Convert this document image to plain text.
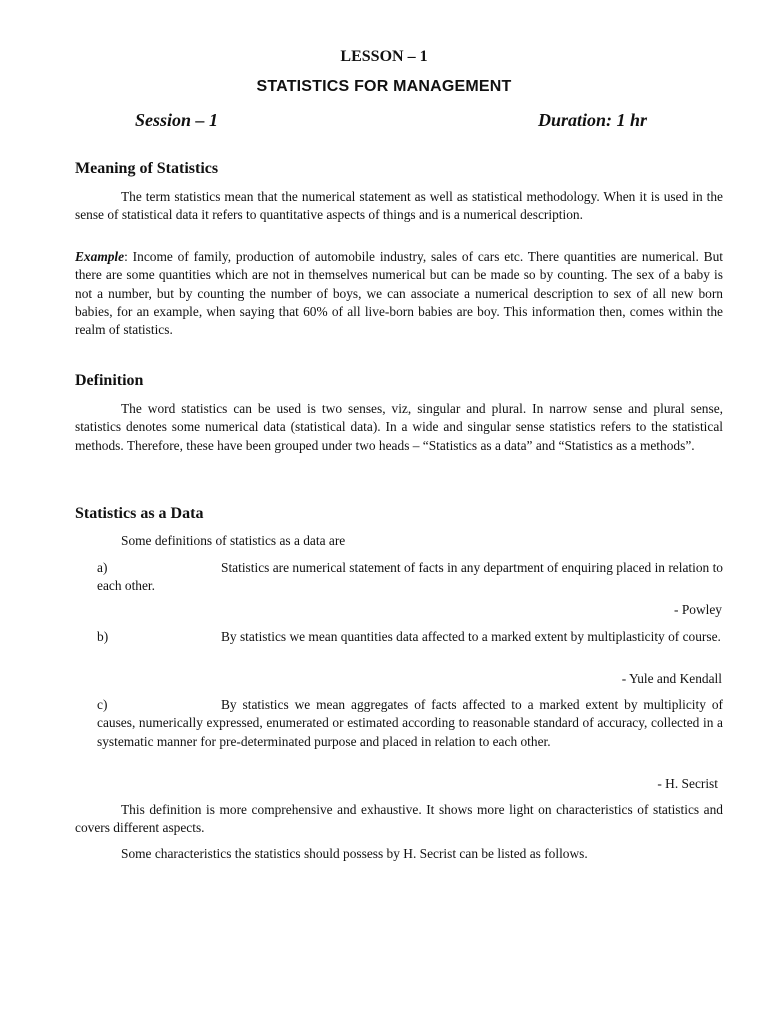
LESSON – 1
STATISTICS FOR MANAGEMENT
Session – 1	Duration: 1 hr
Meaning of Statistics

The term statistics mean that the numerical statement as well as statistical methodology. When it is used in the sense of statistical data it refers to quantitative aspects of things and is a numerical description.

Example: Income of family, production of automobile industry, sales of cars etc. There quantities are numerical. But there are some quantities which are not in themselves numerical but can be made so by counting. The sex of a baby is not a number, but by counting the number of boys, we can associate a numerical description to sex of all new born babies, for an example, when saying that 60% of all live-born babies are boy. This information then, comes within the realm of statistics.

Definition

The word statistics can be used is two senses, viz, singular and plural. In narrow sense and plural sense, statistics denotes some numerical data (statistical data). In a wide and singular sense statistics refers to the statistical methods. Therefore, these have been grouped under two heads – “Statistics as a data” and “Statistics as a methods”.

Statistics as a Data
Some definitions of statistics as a data are

a)	Statistics are numerical statement of facts in any department of enquiring placed in relation to each other.

- Powley

b)	By statistics we mean quantities data affected to a marked extent by multiplasticity of course.

- Yule and Kendall

c)	By statistics we mean aggregates of facts affected to a marked extent by multiplicity of causes, numerically expressed, enumerated or estimated according to reasonable standard of accuracy, collected in a systematic manner for pre-determinated purpose and placed in relation to each other.

- H. Secrist

This definition is more comprehensive and exhaustive. It shows more light on characteristics of statistics and covers different aspects.

Some characteristics the statistics should possess by H. Secrist can be listed as follows.
